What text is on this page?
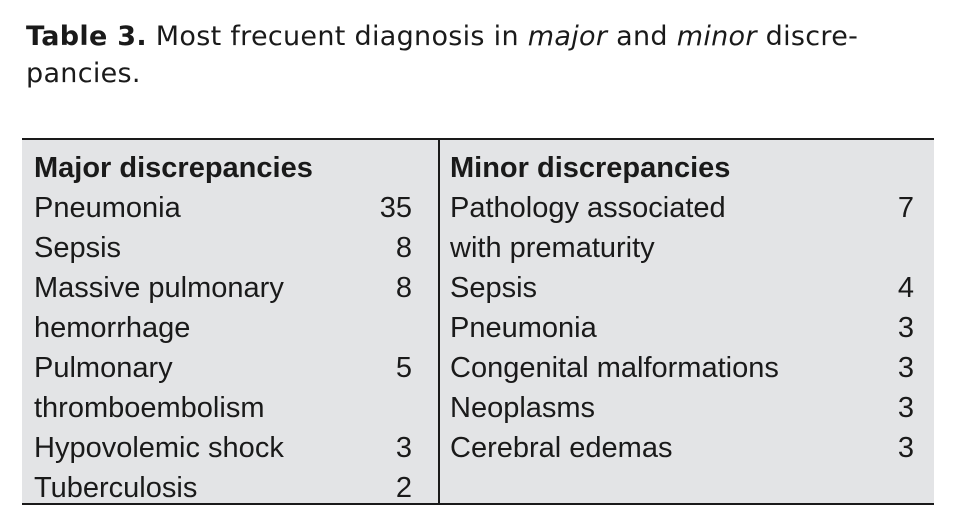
Table 3. Most frecuent diagnosis in major and minor discre-pancies.

Major discrepancies
Pneumonia	35
Sepsis	8
Massive pulmonary
hemorrhage
8
Pulmonary
thromboembolism
5
Hypovolemic shock	3
Tuberculosis	2
Minor discrepancies
Pathology associated
with prematurity
7
Sepsis	4
Pneumonia	3
Congenital malformations	3
Neoplasms	3
Cerebral edemas	3
